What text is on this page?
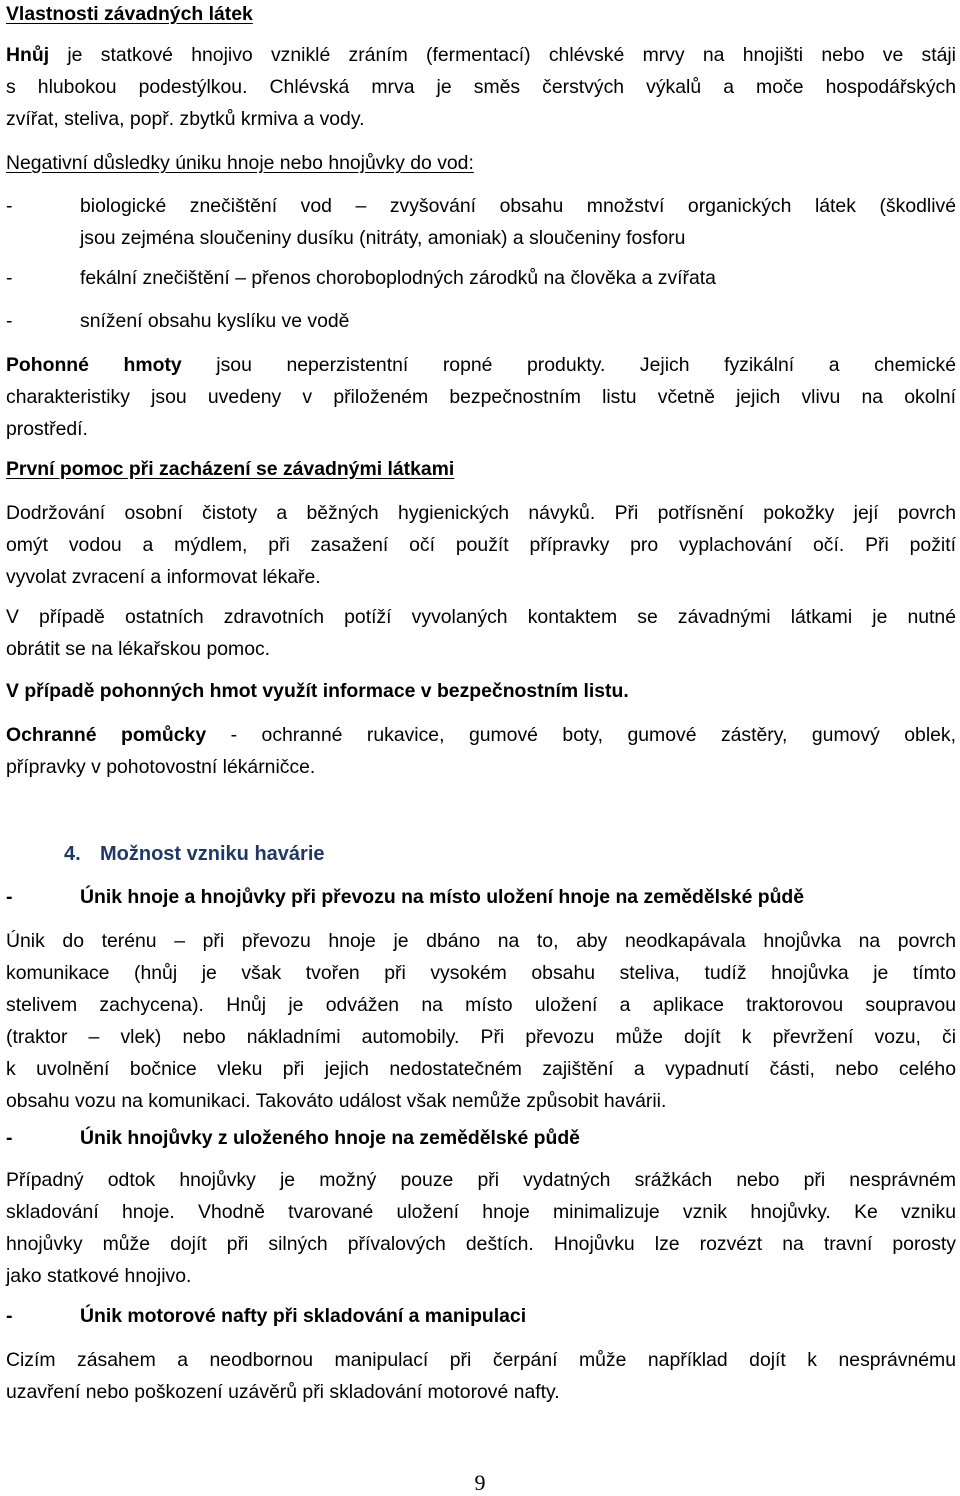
Vlastnosti závadných látek
Hnůj je statkové hnojivo vzniklé zráním (fermentací) chlévské mrvy na hnojišti nebo ve stáji
s hlubokou podestýlkou. Chlévská mrva je směs čerstvých výkalů a moče hospodářských
zvířat, steliva, popř. zbytků krmiva a vody.
Negativní důsledky úniku hnoje nebo hnojůvky do vod:
-	biologické znečištění vod – zvyšování obsahu množství organických látek (škodlivé
jsou zejména sloučeniny dusíku (nitráty, amoniak) a sloučeniny fosforu
-	fekální znečištění – přenos choroboplodných zárodků na člověka a zvířata
-	snížení obsahu kyslíku ve vodě
Pohonné hmoty jsou neperzistentní ropné produkty. Jejich fyzikální a chemické
charakteristiky jsou uvedeny v přiloženém bezpečnostním listu včetně jejich vlivu na okolní
prostředí.
První pomoc při zacházení se závadnými látkami
Dodržování osobní čistoty a běžných hygienických návyků. Při potřísnění pokožky její povrch
omýt vodou a mýdlem, při zasažení očí použít přípravky pro vyplachování očí. Při požití
vyvolat zvracení a informovat lékaře.
V případě ostatních zdravotních potíží vyvolaných kontaktem se závadnými látkami je nutné
obrátit se na lékařskou pomoc.
V případě pohonných hmot využít informace v bezpečnostním listu.
Ochranné pomůcky - ochranné rukavice, gumové boty, gumové zástěry, gumový oblek,
přípravky v pohotovostní lékárničce.
4. Možnost vzniku havárie
-	Únik hnoje a hnojůvky při převozu na místo uložení hnoje na zemědělské půdě
Únik do terénu – při převozu hnoje je dbáno na to, aby neodkapávala hnojůvka na povrch
komunikace (hnůj je však tvořen při vysokém obsahu steliva, tudíž hnojůvka je tímto
stelivem zachycena). Hnůj je odvážen na místo uložení a aplikace traktorovou soupravou
(traktor – vlek) nebo nákladními automobily. Při převozu může dojít k převržení vozu, či
k uvolnění bočnice vleku při jejich nedostatečném zajištění a vypadnutí části, nebo celého
obsahu vozu na komunikaci. Takováto událost však nemůže způsobit havárii.
-	Únik hnojůvky z uloženého hnoje na zemědělské půdě
Případný odtok hnojůvky je možný pouze při vydatných srážkách nebo při nesprávném
skladování hnoje. Vhodně tvarované uložení hnoje minimalizuje vznik hnojůvky. Ke vzniku
hnojůvky může dojít při silných přívalových deštích. Hnojůvku lze rozvézt na travní porosty
jako statkové hnojivo.
-	Únik motorové nafty při skladování a manipulaci
Cizím zásahem a neodbornou manipulací při čerpání může například dojít k nesprávnému
uzavření nebo poškození uzávěrů při skladování motorové nafty.
9
